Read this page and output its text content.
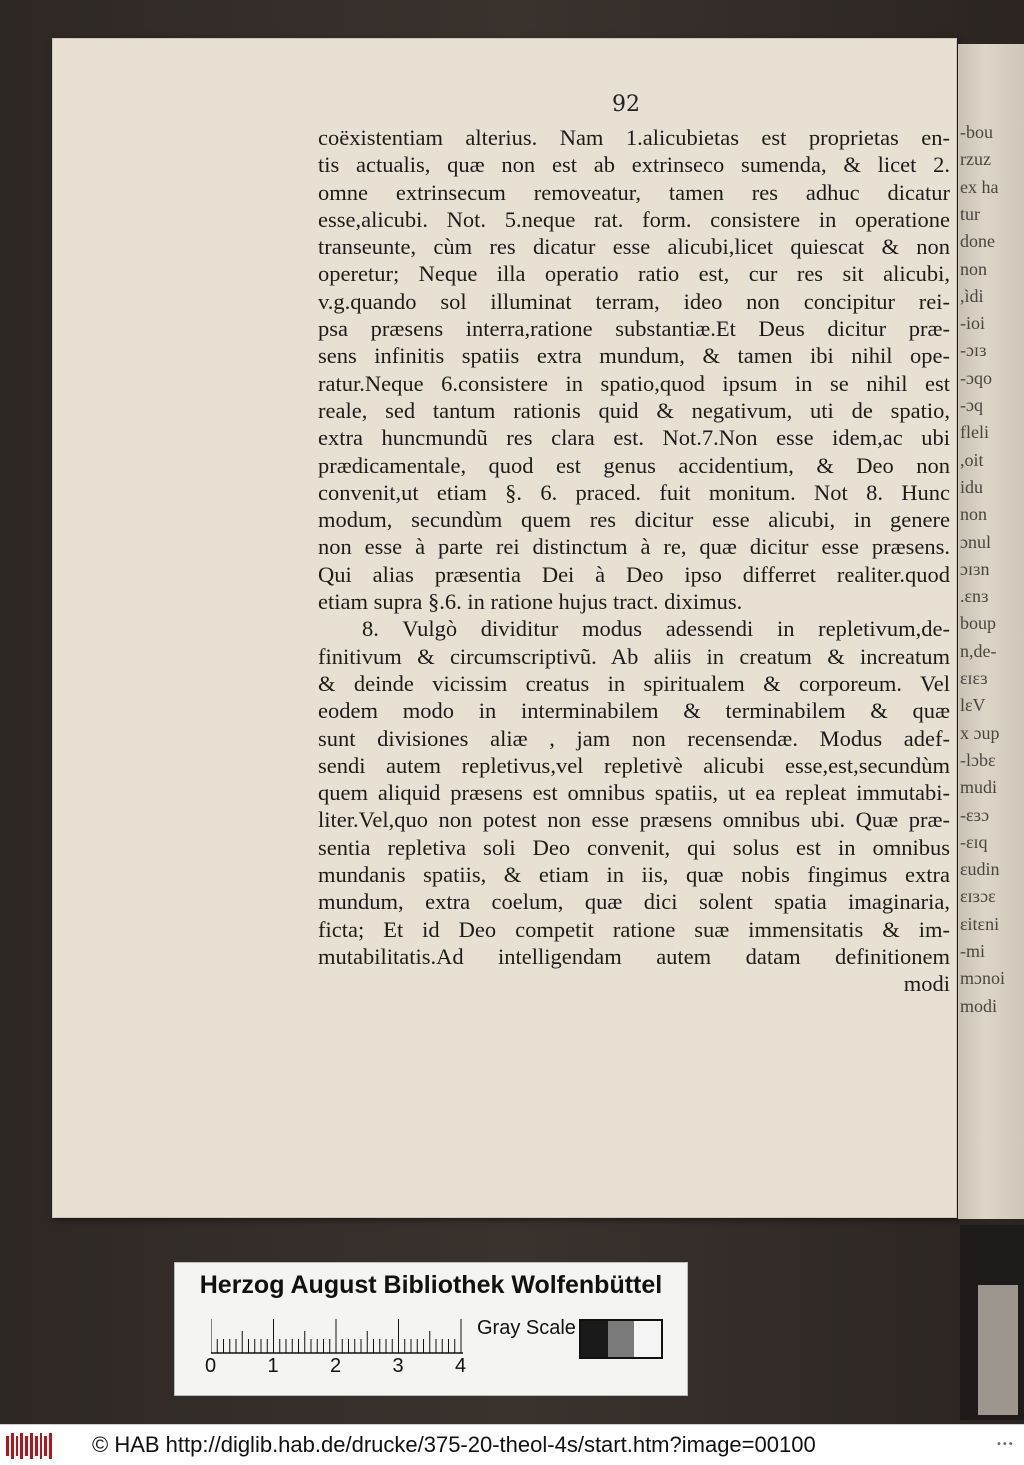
92
coëxistentiam alterius. Nam 1.alicubietas est proprietas en-
tis actualis, quæ non est ab extrinseco sumenda, & licet 2.
omne extrinsecum removeatur, tamen res adhuc dicatur
esse,alicubi. Not. 5.neque rat. form. consistere in operatione
transeunte, cùm res dicatur esse alicubi,licet quiescat & non
operetur; Neque illa operatio ratio est, cur res sit alicubi,
v.g.quando sol illuminat terram, ideo non concipitur rei-
psa præsens interra,ratione substantiæ.Et Deus dicitur præ-
sens infinitis spatiis extra mundum, & tamen ibi nihil ope-
ratur.Neque 6.consistere in spatio,quod ipsum in se nihil est
reale, sed tantum rationis quid & negativum, uti de spatio,
extra huncmundũ res clara est. Not.7.Non esse idem,ac ubi
prædicamentale, quod est genus accidentium, & Deo non
convenit,ut etiam §. 6. praced. fuit monitum. Not 8. Hunc
modum, secundùm quem res dicitur esse alicubi, in genere
non esse à parte rei distinctum à re, quæ dicitur esse præsens.
Qui alias præsentia Dei à Deo ipso differret realiter.quod
etiam supra §.6. in ratione hujus tract. diximus.
8. Vulgò dividitur modus adessendi in repletivum,de-
finitivum & circumscriptivũ. Ab aliis in creatum & increatum
& deinde vicissim creatus in spiritualem & corporeum. Vel
eodem modo in interminabilem & terminabilem & quæ
sunt divisiones aliæ , jam non recensendæ. Modus adef-
sendi autem repletivus,vel repletivè alicubi esse,est,secundùm
quem aliquid præsens est omnibus spatiis, ut ea repleat immutabi-
liter.Vel,quo non potest non esse præsens omnibus ubi. Quæ præ-
sentia repletiva soli Deo convenit, qui solus est in omnibus
mundanis spatiis, & etiam in iis, quæ nobis fingimus extra
mundum, extra coelum, quæ dici solent spatia imaginaria,
ficta; Et id Deo competit ratione suæ immensitatis & im-
mutabilitatis.Ad intelligendam autem datam definitionem
modi
-bou
rzuz
ex ha
tur
done
non
,ìdi
-ioi
-ɔɪɜ
-ɔqo
-ɔq
fleli
,oit
idu
non
ɔnul
ɔɪɜn
.ɛnɜ
boup
n,de-
ɛɪɛɜ
lɛV
x ɔup
-lɔbɛ
mudi
-ɛɜɔ
-ɛɪq
ɛudin
ɛɪɜɔɛ
ɛitɛni
-mi
mɔnoi
modi
Herzog August Bibliothek Wolfenbüttel
0	1	2	3	4
Gray Scale
© HAB http://diglib.hab.de/drucke/375-20-theol-4s/start.htm?image=00100	•••
